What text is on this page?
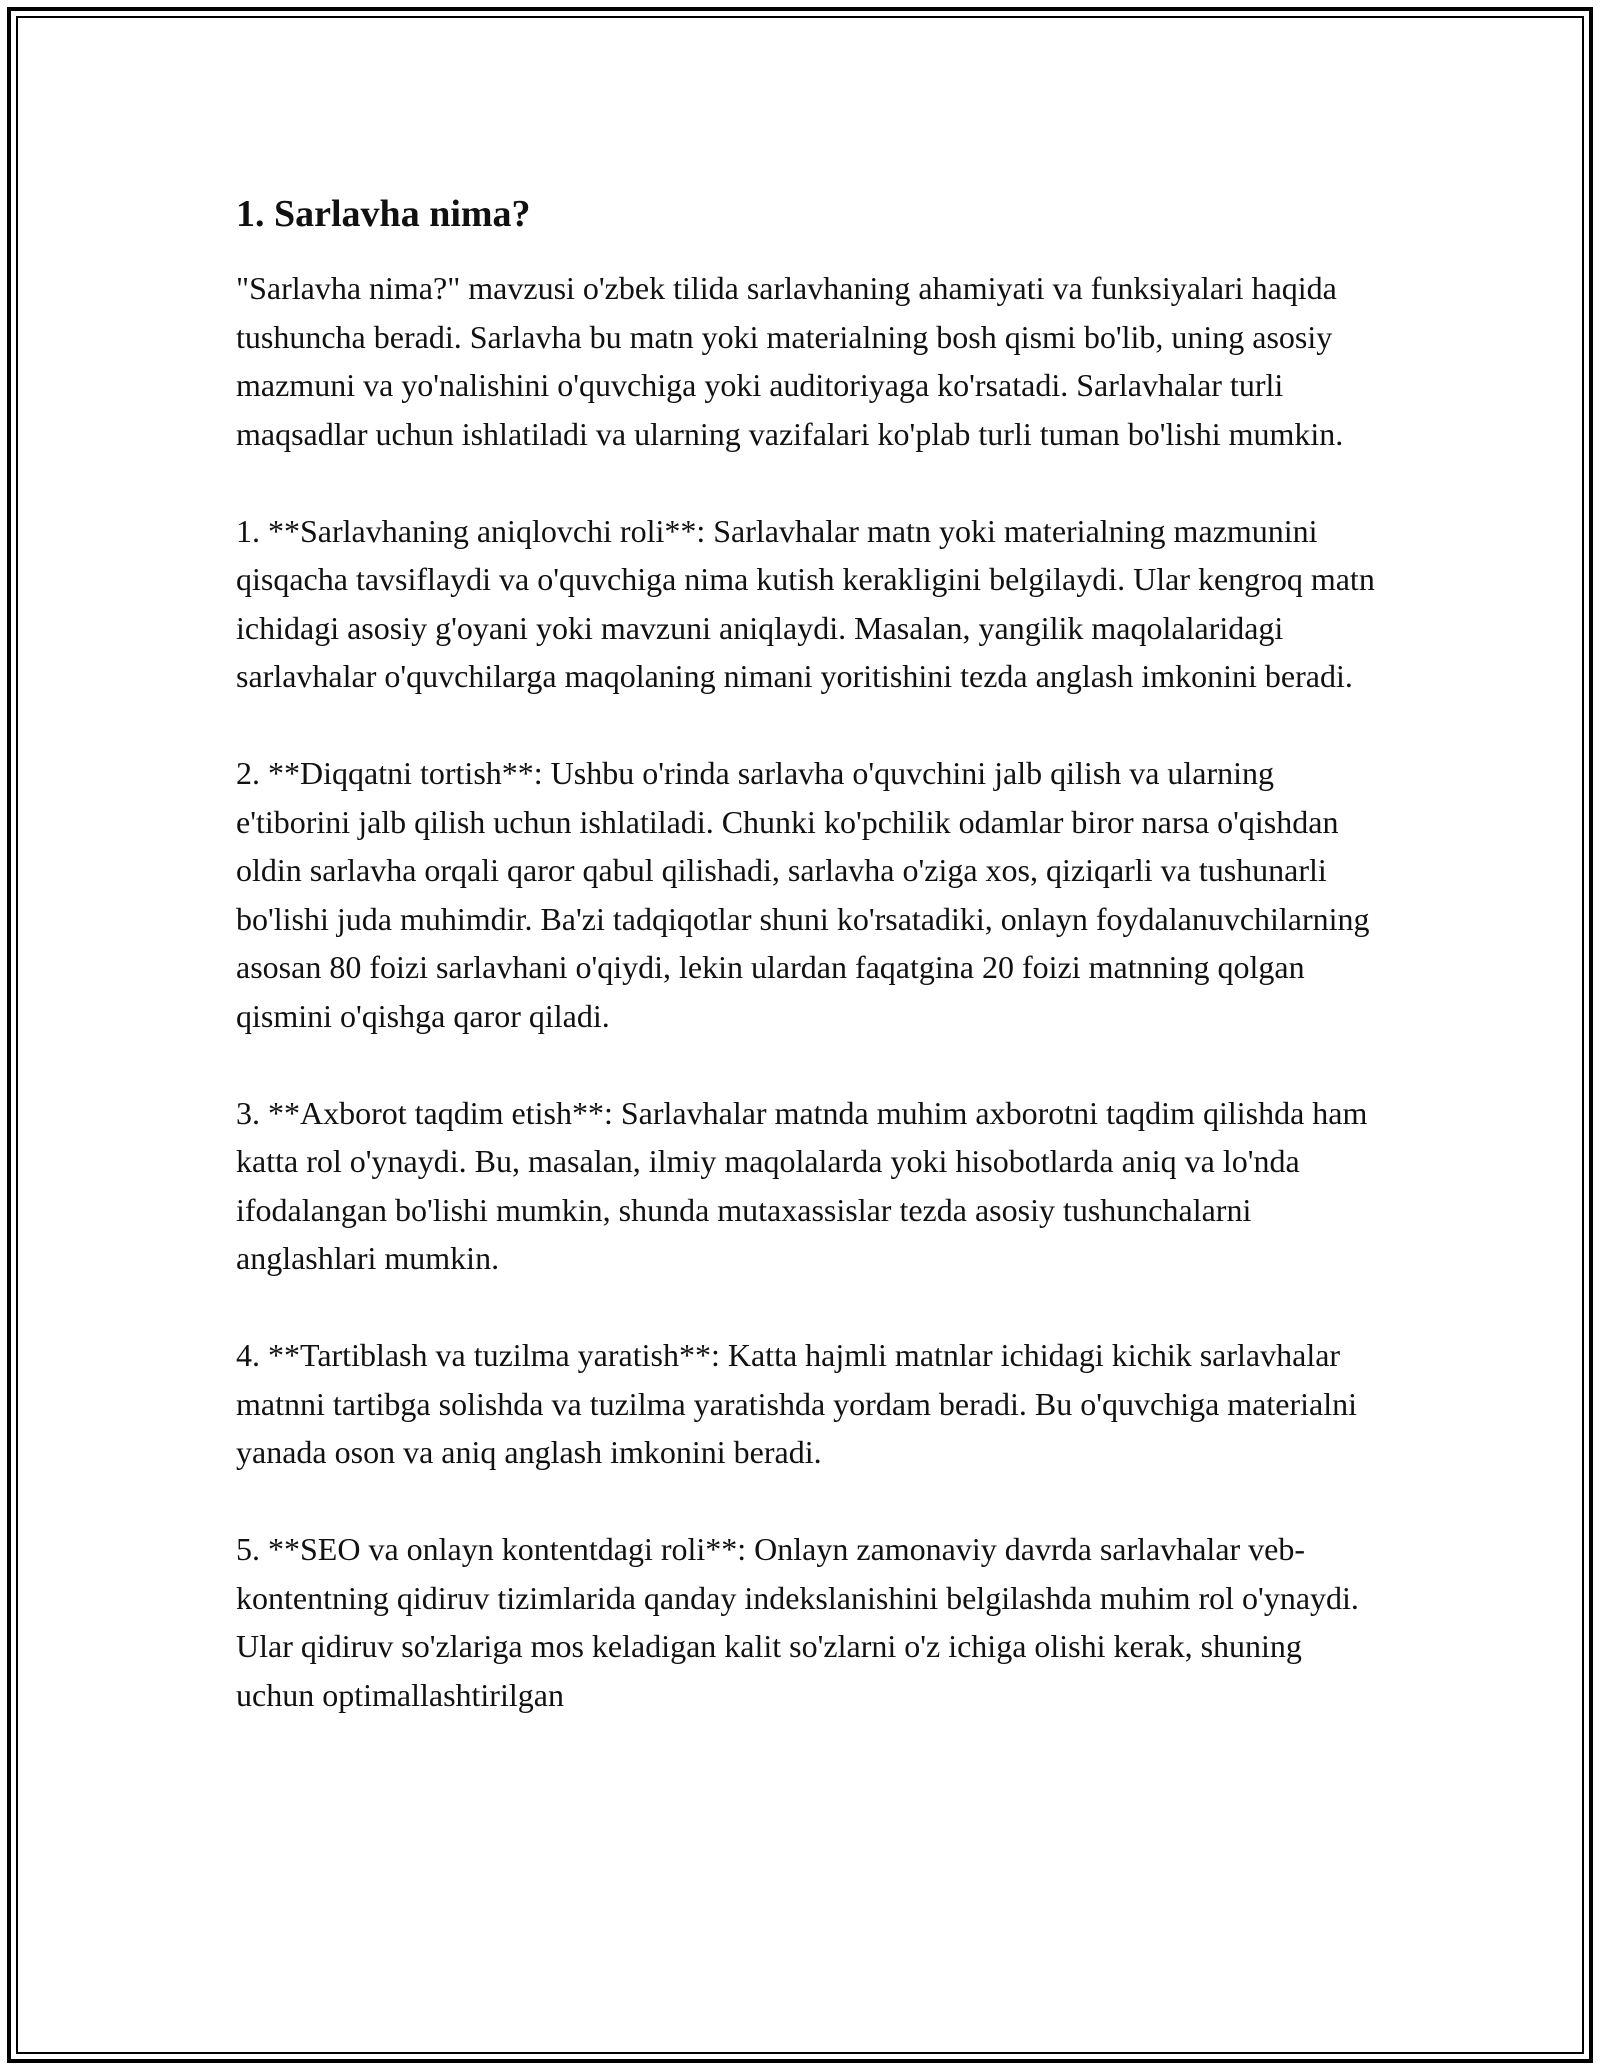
1. Sarlavha nima?

"Sarlavha nima?" mavzusi o'zbek tilida sarlavhaning ahamiyati va funksiyalari haqida tushuncha beradi. Sarlavha bu matn yoki materialning bosh qismi bo'lib, uning asosiy mazmuni va yo'nalishini o'quvchiga yoki auditoriyaga ko'rsatadi. Sarlavhalar turli maqsadlar uchun ishlatiladi va ularning vazifalari ko'plab turli tuman bo'lishi mumkin.

1. **Sarlavhaning aniqlovchi roli**: Sarlavhalar matn yoki materialning mazmunini qisqacha tavsiflaydi va o'quvchiga nima kutish kerakligini belgilaydi. Ular kengroq matn ichidagi asosiy g'oyani yoki mavzuni aniqlaydi. Masalan, yangilik maqolalaridagi sarlavhalar o'quvchilarga maqolaning nimani yoritishini tezda anglash imkonini beradi.

2. **Diqqatni tortish**: Ushbu o'rinda sarlavha o'quvchini jalb qilish va ularning e'tiborini jalb qilish uchun ishlatiladi. Chunki ko'pchilik odamlar biror narsa o'qishdan oldin sarlavha orqali qaror qabul qilishadi, sarlavha o'ziga xos, qiziqarli va tushunarli bo'lishi juda muhimdir. Ba'zi tadqiqotlar shuni ko'rsatadiki, onlayn foydalanuvchilarning asosan 80 foizi sarlavhani o'qiydi, lekin ulardan faqatgina 20 foizi matnning qolgan qismini o'qishga qaror qiladi.

3. **Axborot taqdim etish**: Sarlavhalar matnda muhim axborotni taqdim qilishda ham katta rol o'ynaydi. Bu, masalan, ilmiy maqolalarda yoki hisobotlarda aniq va lo'nda ifodalangan bo'lishi mumkin, shunda mutaxassislar tezda asosiy tushunchalarni anglashlari mumkin.

4. **Tartiblash va tuzilma yaratish**: Katta hajmli matnlar ichidagi kichik sarlavhalar matnni tartibga solishda va tuzilma yaratishda yordam beradi. Bu o'quvchiga materialni yanada oson va aniq anglash imkonini beradi.

5. **SEO va onlayn kontentdagi roli**: Onlayn zamonaviy davrda sarlavhalar veb-kontentning qidiruv tizimlarida qanday indekslanishini belgilashda muhim rol o'ynaydi. Ular qidiruv so'zlariga mos keladigan kalit so'zlarni o'z ichiga olishi kerak, shuning uchun optimallashtirilgan
